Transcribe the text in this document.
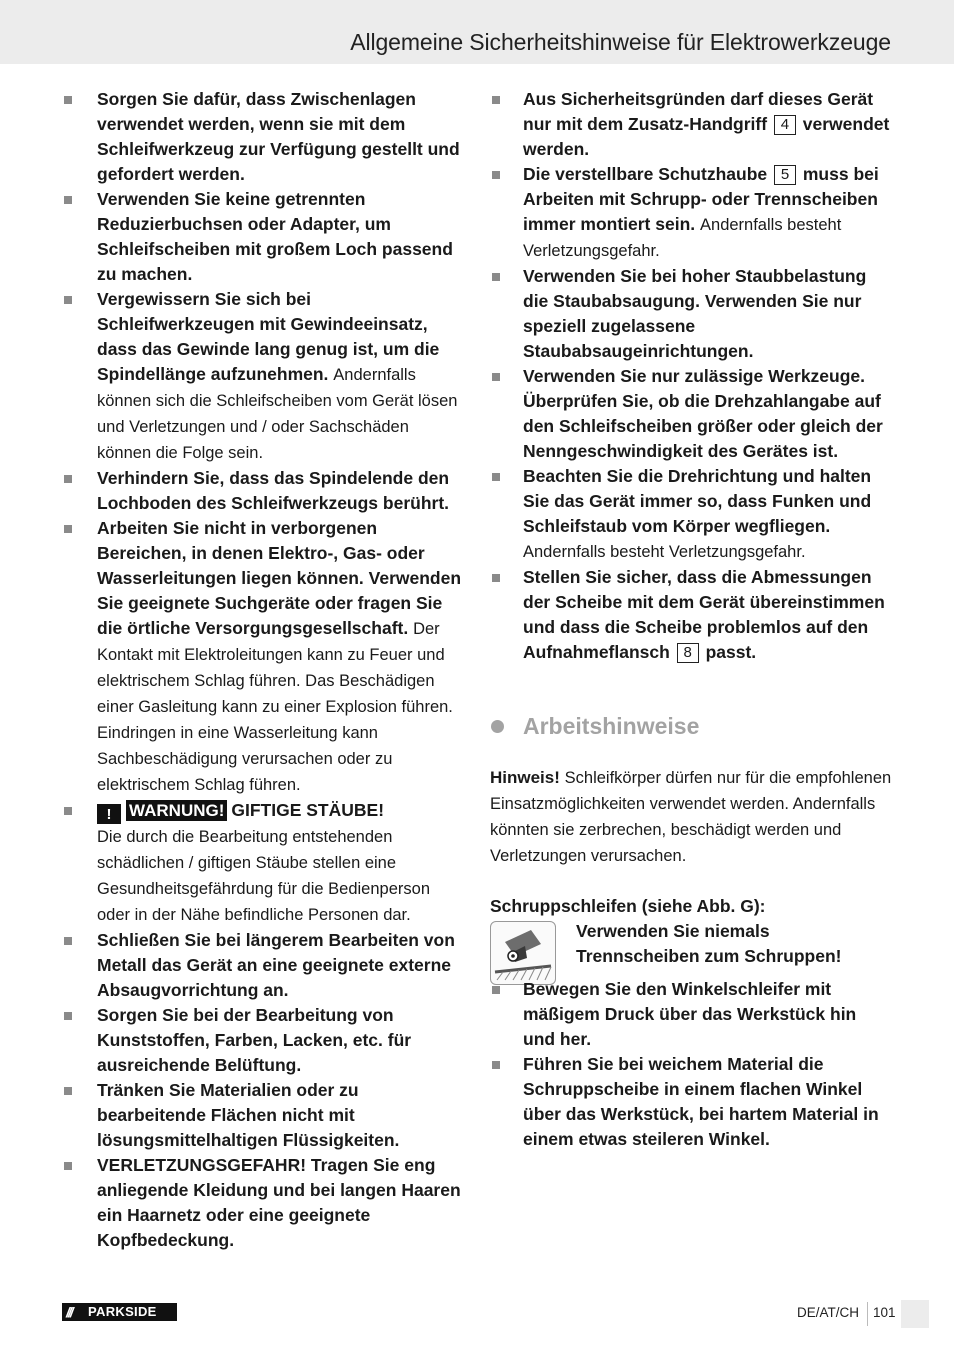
Allgemeine Sicherheitshinweise für Elektrowerkzeuge
Sorgen Sie dafür, dass Zwischenlagen verwendet werden, wenn sie mit dem Schleifwerkzeug zur Verfügung gestellt und gefordert werden.
Verwenden Sie keine getrennten Reduzierbuchsen oder Adapter, um Schleifscheiben mit großem Loch passend zu machen.
Vergewissern Sie sich bei Schleifwerkzeugen mit Gewindeeinsatz, dass das Gewinde lang genug ist, um die Spindellänge aufzunehmen. Andernfalls können sich die Schleifscheiben vom Gerät lösen und Verletzungen und / oder Sachschäden können die Folge sein.
Verhindern Sie, dass das Spindelende den Lochboden des Schleifwerkzeugs berührt.
Arbeiten Sie nicht in verborgenen Bereichen, in denen Elektro-, Gas- oder Wasserleitungen liegen können. Verwenden Sie geeignete Suchgeräte oder fragen Sie die örtliche Versorgungsgesellschaft. Der Kontakt mit Elektroleitungen kann zu Feuer und elektrischem Schlag führen. Das Beschädigen einer Gasleitung kann zu einer Explosion führen. Eindringen in eine Wasserleitung kann Sachbeschädigung verursachen oder zu elektrischem Schlag führen.
! WARNUNG! GIFTIGE STÄUBE!
Die durch die Bearbeitung entstehenden schädlichen / giftigen Stäube stellen eine Gesundheitsgefährdung für die Bedienperson oder in der Nähe befindliche Personen dar.
Schließen Sie bei längerem Bearbeiten von Metall das Gerät an eine geeignete externe Absaugvorrichtung an.
Sorgen Sie bei der Bearbeitung von Kunststoffen, Farben, Lacken, etc. für ausreichende Belüftung.
Tränken Sie Materialien oder zu bearbeitende Flächen nicht mit lösungsmittelhaltigen Flüssigkeiten.
VERLETZUNGSGEFAHR! Tragen Sie eng anliegende Kleidung und bei langen Haaren ein Haarnetz oder eine geeignete Kopfbedeckung.
Aus Sicherheitsgründen darf dieses Gerät nur mit dem Zusatz-Handgriff 4 verwendet werden.
Die verstellbare Schutzhaube 5 muss bei Arbeiten mit Schrupp- oder Trennscheiben immer montiert sein. Andernfalls besteht Verletzungsgefahr.
Verwenden Sie bei hoher Staubbelastung die Staubabsaugung. Verwenden Sie nur speziell zugelassene Staubabsaugeinrichtungen.
Verwenden Sie nur zulässige Werkzeuge. Überprüfen Sie, ob die Drehzahlangabe auf den Schleifscheiben größer oder gleich der Nenngeschwindigkeit des Gerätes ist.
Beachten Sie die Drehrichtung und halten Sie das Gerät immer so, dass Funken und Schleifstaub vom Körper wegfliegen. Andernfalls besteht Verletzungsgefahr.
Stellen Sie sicher, dass die Abmessungen der Scheibe mit dem Gerät übereinstimmen und dass die Scheibe problemlos auf den Aufnahmeflansch 8 passt.
Arbeitshinweise
Hinweis! Schleifkörper dürfen nur für die empfohlenen Einsatzmöglichkeiten verwendet werden. Andernfalls könnten sie zerbrechen, beschädigt werden und Verletzungen verursachen.
Schruppschleifen (siehe Abb. G):
Verwenden Sie niemals Trennscheiben zum Schruppen!
Bewegen Sie den Winkelschleifer mit mäßigem Druck über das Werkstück hin und her.
Führen Sie bei weichem Material die Schruppscheibe in einem flachen Winkel über das Werkstück, bei hartem Material in einem etwas steileren Winkel.
/// PARKSIDE	DE/AT/CH 101
